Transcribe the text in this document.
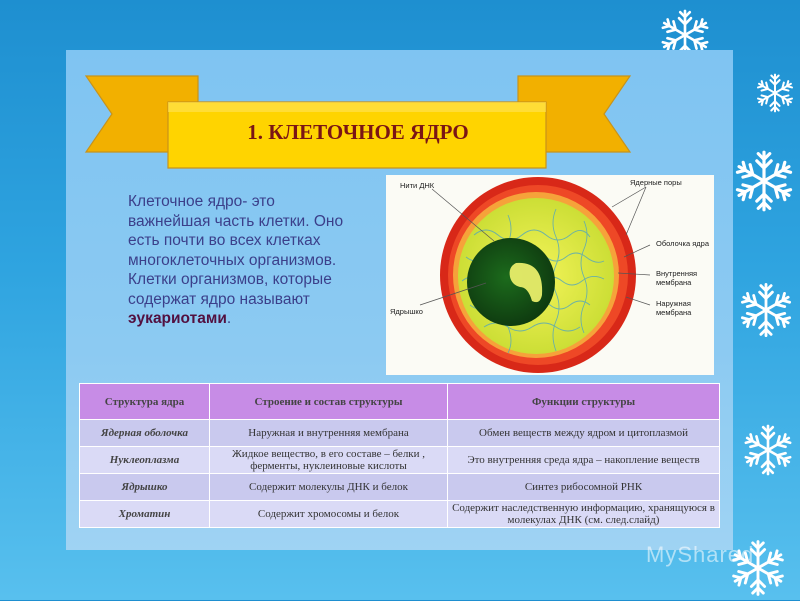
1. КЛЕТОЧНОЕ ЯДРО

Клеточное ядро- это важнейшая часть клетки. Оно есть почти во всех клетках многоклеточных организмов. Клетки организмов, которые содержат ядро называют эукариотами.

Нити ДНК	Ядерные поры
Оболочка ядра
Внутренняя мембрана
Наружная мембрана
Ядрышко
Структура ядра	Строение и состав структуры	Функции структуры
Ядерная оболочка	Наружная и внутренняя мембрана	Обмен веществ между ядром и цитоплазмой
Нуклеоплазма	Жидкое вещество, в его составе – белки , ферменты, нуклеиновые кислоты	Это внутренняя среда ядра – накопление веществ
Ядрышко	Содержит молекулы ДНК и белок	Синтез рибосомной РНК
Хроматин	Содержит хромосомы и белок	Содержит наследственную информацию, хранящуюся в молекулах ДНК (см. след.слайд)
MyShared
